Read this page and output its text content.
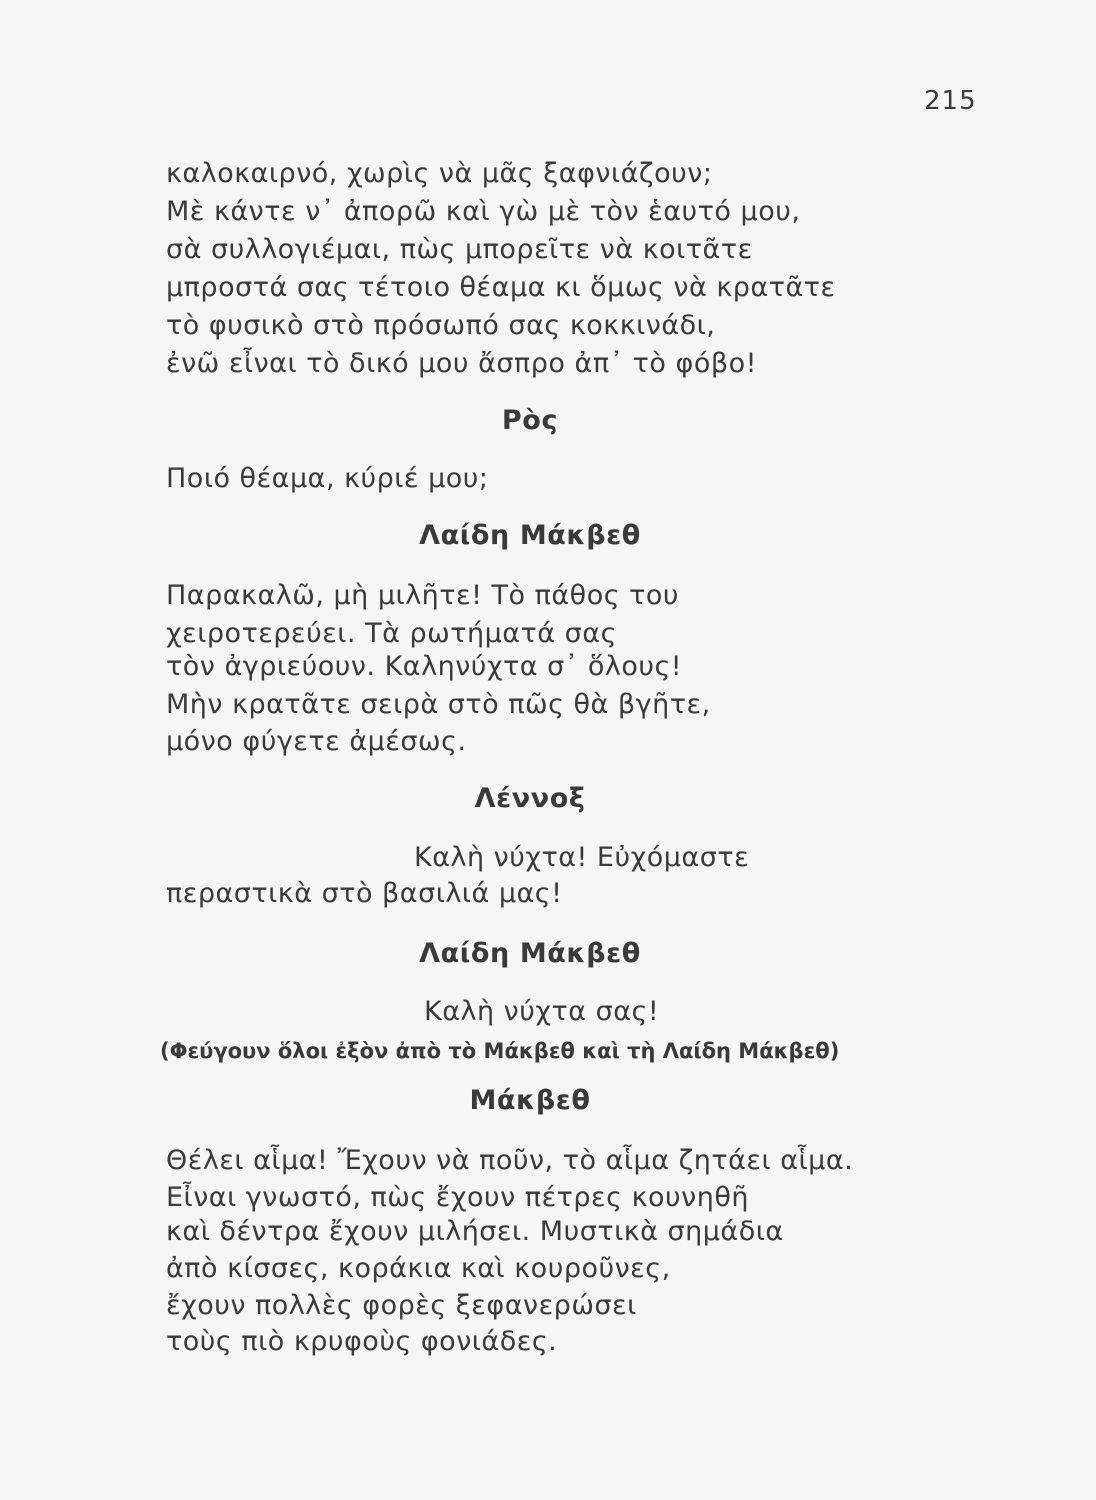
215
καλοκαιρνό, χωρὶς νὰ μᾶς ξαφνιάζουν;
Μὲ κάντε ν᾽ ἀπορῶ καὶ γὼ μὲ τὸν ἑαυτό μου,
σὰ συλλογιέμαι, πὼς μπορεῖτε νὰ κοιτᾶτε
μπροστά σας τέτοιο θέαμα κι ὅμως νὰ κρατᾶτε
τὸ φυσικὸ στὸ πρόσωπό σας κοκκινάδι,
ἐνῶ εἶναι τὸ δικό μου ἄσπρο ἀπ᾽ τὸ φόβο!
Ρὸς
Ποιό θέαμα, κύριέ μου;
Λαίδη Μάκβεθ
Παρακαλῶ, μὴ μιλῆτε! Τὸ πάθος του
χειροτερεύει. Τὰ ρωτήματά σας
τὸν ἀγριεύουν. Καληνύχτα σ᾽ ὅλους!
Μὴν κρατᾶτε σειρὰ στὸ πῶς θὰ βγῆτε,
μόνο φύγετε ἀμέσως.
Λέννοξ
Καλὴ νύχτα! Εὐχόμαστε
περαστικὰ στὸ βασιλιά μας!
Λαίδη Μάκβεθ
Καλὴ νύχτα σας!
(Φεύγουν ὅλοι ἐξὸν ἀπὸ τὸ Μάκβεθ καὶ τὴ Λαίδη Μάκβεθ)
Μάκβεθ
Θέλει αἷμα! Ἔχουν νὰ ποῦν, τὸ αἷμα ζητάει αἷμα.
Εἶναι γνωστό, πὼς ἔχουν πέτρες κουνηθῆ
καὶ δέντρα ἔχουν μιλήσει. Μυστικὰ σημάδια
ἀπὸ κίσσες, κοράκια καὶ κουροῦνες,
ἔχουν πολλὲς φορὲς ξεφανερώσει
τοὺς πιὸ κρυφοὺς φονιάδες.
